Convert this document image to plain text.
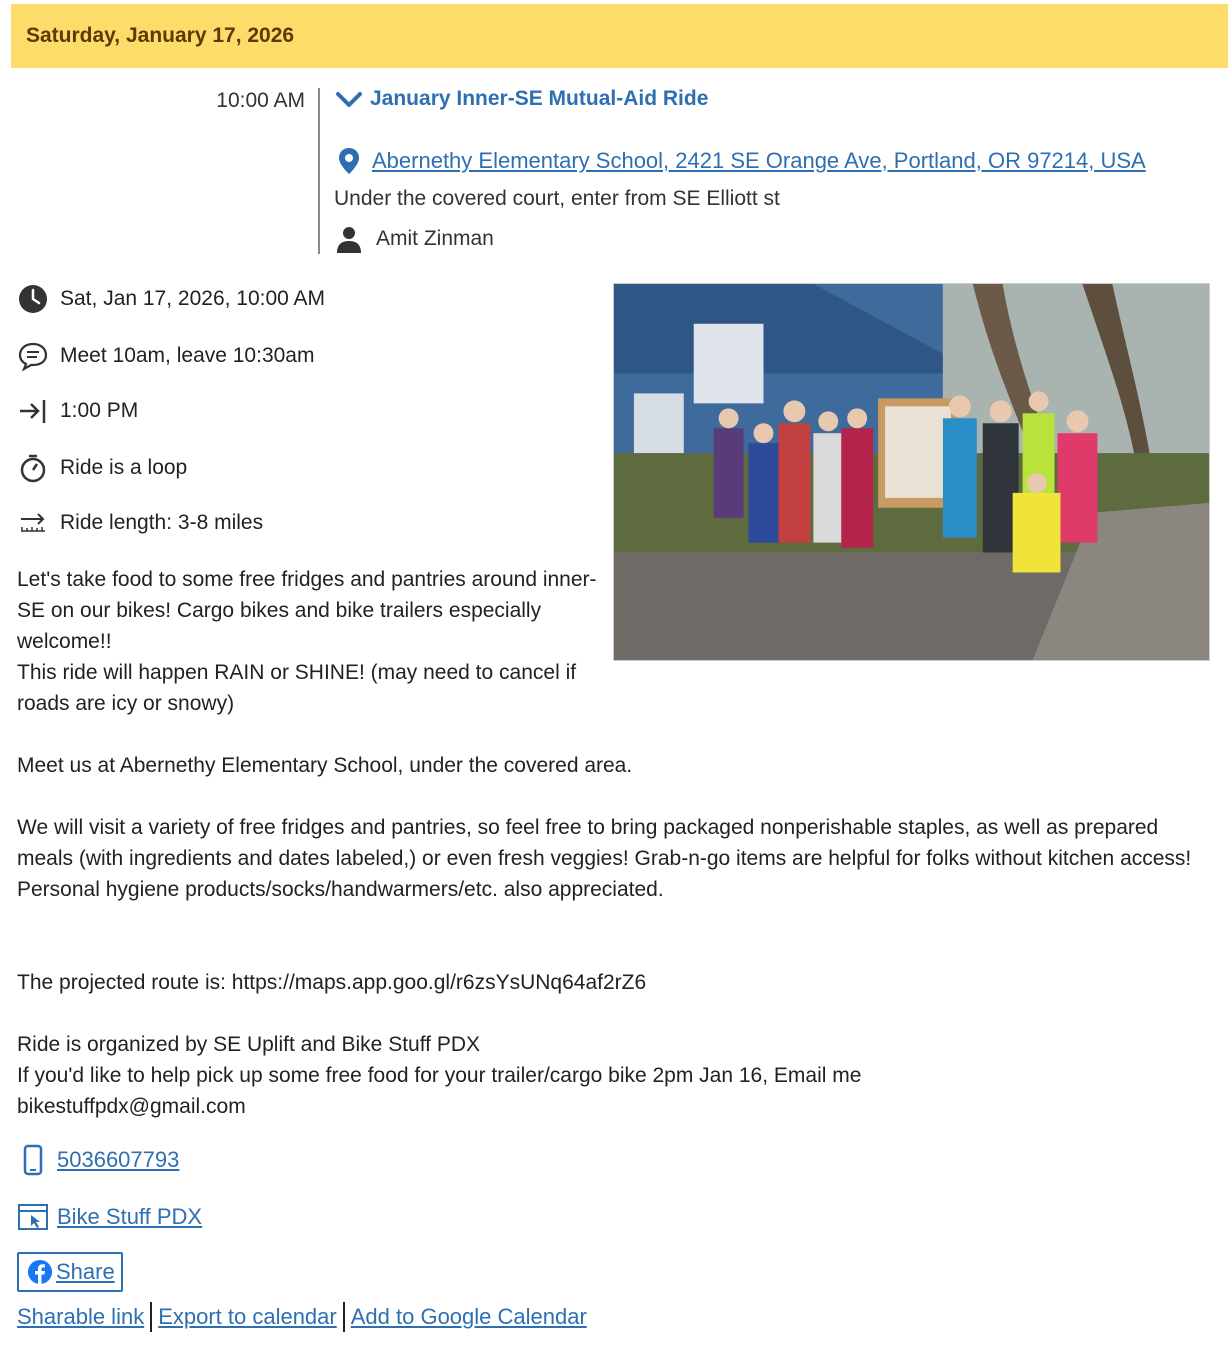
Saturday, January 17, 2026
10:00 AM	January Inner-SE Mutual-Aid Ride
Abernethy Elementary School, 2421 SE Orange Ave, Portland, OR 97214, USA
Under the covered court, enter from SE Elliott st
Amit Zinman
Sat, Jan 17, 2026, 10:00 AM
Meet 10am, leave 10:30am
1:00 PM
Ride is a loop
Ride length: 3-8 miles

Let's take food to some free fridges and pantries around inner-SE on our bikes! Cargo bikes and bike trailers especially welcome!!

This ride will happen RAIN or SHINE! (may need to cancel if roads are icy or snowy)

Meet us at Abernethy Elementary School, under the covered area.

We will visit a variety of free fridges and pantries, so feel free to bring packaged nonperishable staples, as well as prepared meals (with ingredients and dates labeled,) or even fresh veggies! Grab-n-go items are helpful for folks without kitchen access! Personal hygiene products/socks/handwarmers/etc. also appreciated.

The projected route is: https://maps.app.goo.gl/r6zsYsUNq64af2rZ6

Ride is organized by SE Uplift and Bike Stuff PDX

If you'd like to help pick up some free food for your trailer/cargo bike 2pm Jan 16, Email me bikestuffpdx@gmail.com

5036607793
Bike Stuff PDX
Share
Sharable link Export to calendar Add to Google Calendar
